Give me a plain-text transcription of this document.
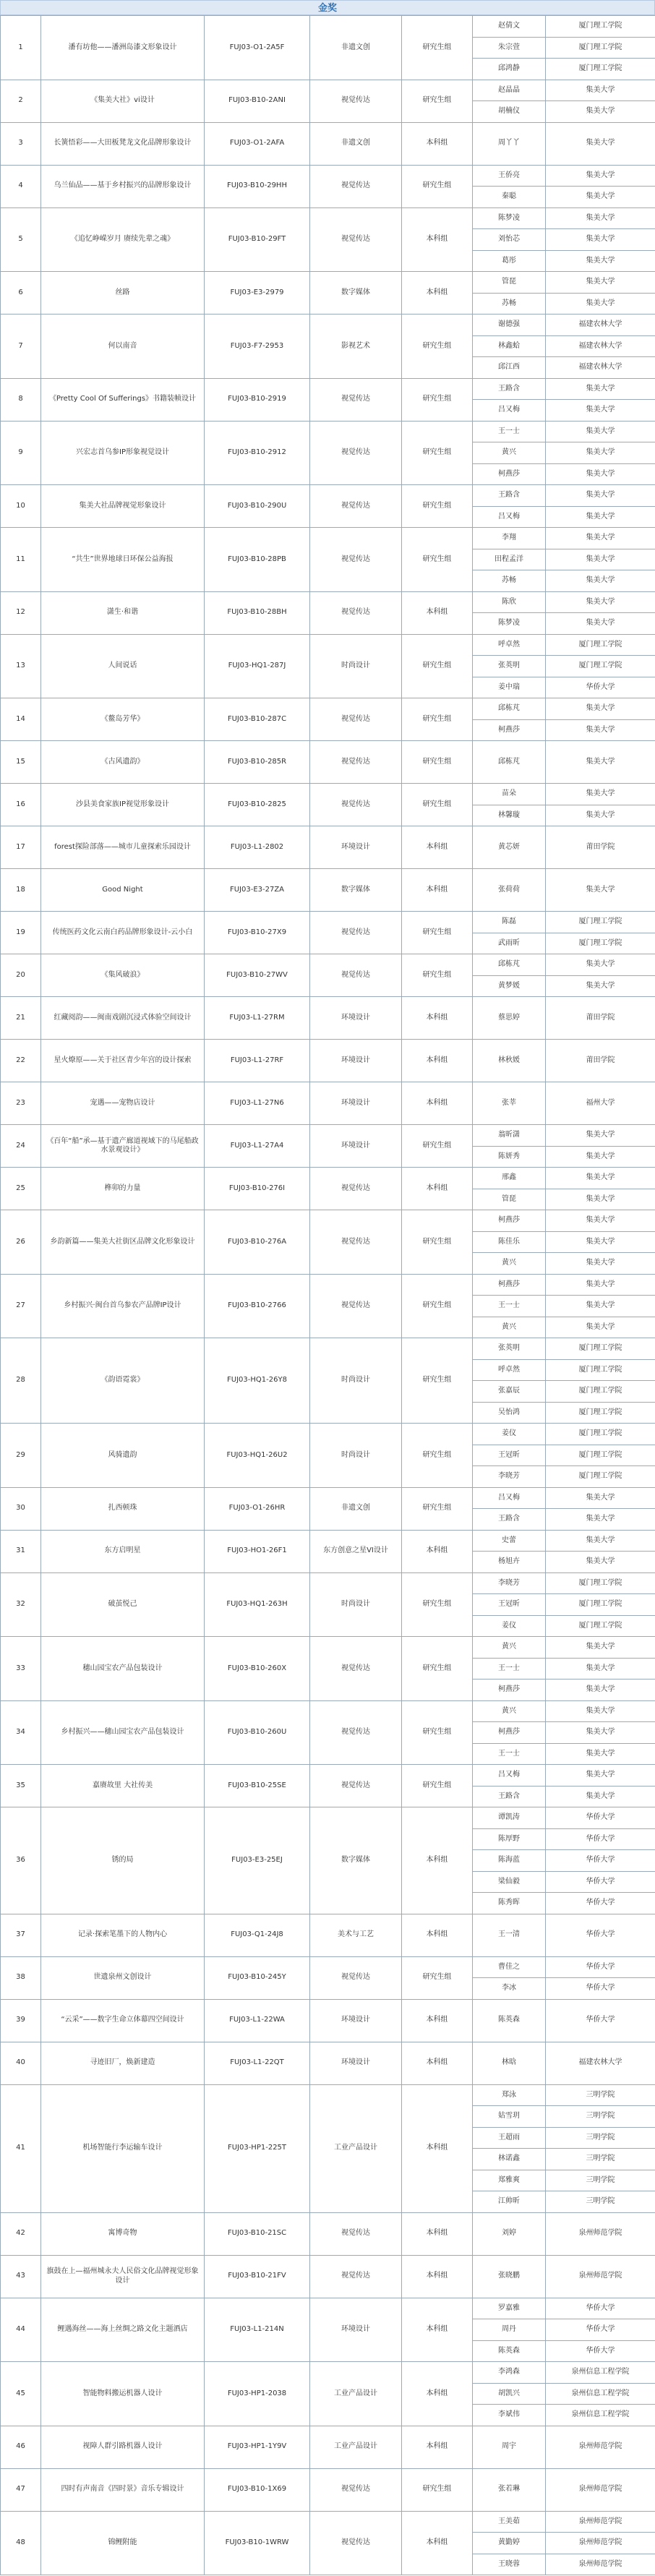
金奖
1	潘有坊他——潘洲岛漆文形象设计	FUJ03-O1-2A5F	非遗文创	研究生组	赵倩文	厦门理工学院
					朱宗萱	厦门理工学院
					邱鸿静	厦门理工学院
2	《集美大社》vi设计	FUJ03-B10-2ANI	视觉传达	研究生组	赵晶晶	集美大学
					胡楠仪	集美大学
3	长簧悟彩——大田板凳龙文化品牌形象设计	FUJ03-O1-2AFA	非遗文创	本科组	周丫丫	集美大学
4	乌兰仙品——基于乡村振兴的品牌形象设计	FUJ03-B10-29HH	视觉传达	研究生组	王侨亮	集美大学
					秦聪	集美大学
5	《追忆峥嵘岁月 赓续先辈之魂》	FUJ03-B10-29FT	视觉传达	本科组	陈梦凌	集美大学
					刘怡芯	集美大学
					葛彤	集美大学
6	丝路	FUJ03-E3-2979	数字媒体	本科组	管琵	集美大学
					苏畅	集美大学
7	何以南音	FUJ03-F7-2953	影视艺术	研究生组	谢德强	福建农林大学
					林鑫蛤	福建农林大学
					邱江西	福建农林大学
8	《Pretty Cool Of Sufferings》书籍装帧设计	FUJ03-B10-2919	视觉传达	研究生组	王路含	集美大学
					吕又梅	集美大学
9	兴宏志首乌参IP形象视觉设计	FUJ03-B10-2912	视觉传达	研究生组	王一士	集美大学
					黄兴	集美大学
					柯燕莎	集美大学
10	集美大社品牌视觉形象设计	FUJ03-B10-290U	视觉传达	研究生组	王路含	集美大学
					吕又梅	集美大学
11	“共生”世界地球日环保公益海报	FUJ03-B10-28PB	视觉传达	研究生组	李翔	集美大学
					田程孟洋	集美大学
					苏畅	集美大学
12	潇生·和谐	FUJ03-B10-28BH	视觉传达	本科组	陈欣	集美大学
					陈梦凌	集美大学
13	人间说话	FUJ03-HQ1-287J	时尚设计	研究生组	呼卓然	厦门理工学院
					张英明	厦门理工学院
					姜中瑞	华侨大学
14	《鳌岛芳华》	FUJ03-B10-287C	视觉传达	研究生组	邱栋芃	集美大学
					柯燕莎	集美大学
15	《古风遗韵》	FUJ03-B10-285R	视觉传达	研究生组	邱栋芃	集美大学
16	沙县美食家族IP视觉形象设计	FUJ03-B10-2825	视觉传达	研究生组	苗朵	集美大学
					林馨璇	集美大学
17	forest探险部落——城市儿童探索乐园设计	FUJ03-L1-2802	环境设计	本科组	黄芯妍	莆田学院
18	Good Night	FUJ03-E3-27ZA	数字媒体	本科组	张荷荷	集美大学
19	传统医药文化云南白药品牌形象设计-云小白	FUJ03-B10-27X9	视觉传达	研究生组	陈磊	厦门理工学院
					武雨昕	厦门理工学院
20	《集风破浪》	FUJ03-B10-27WV	视觉传达	研究生组	邱栋芃	集美大学
					黄梦媛	集美大学
21	红藏阅韵——闽南戏剧沉浸式体验空间设计	FUJ03-L1-27RM	环境设计	本科组	蔡思婷	莆田学院
22	星火燎原——关于社区青少年宫的设计探索	FUJ03-L1-27RF	环境设计	本科组	林秋媛	莆田学院
23	宠遇——宠物店设计	FUJ03-L1-27N6	环境设计	本科组	张莘	福州大学
24	《百年“船”承—基于遗产廊道视域下的马尾船政水景观设计》	FUJ03-L1-27A4	环境设计	研究生组	翁昕潇	集美大学
					陈妍秀	集美大学
25	榫卯的力量	FUJ03-B10-276I	视觉传达	本科组	邢鑫	集美大学
					管琵	集美大学
26	乡韵新篇——集美大社街区品牌文化形象设计	FUJ03-B10-276A	视觉传达	研究生组	柯燕莎	集美大学
					陈佳乐	集美大学
					黄兴	集美大学
27	乡村振兴·闽台首乌参农产品牌IP设计	FUJ03-B10-2766	视觉传达	研究生组	柯燕莎	集美大学
					王一士	集美大学
					黄兴	集美大学
28	《韵语霓裳》	FUJ03-HQ1-26Y8	时尚设计	研究生组	张英明	厦门理工学院
					呼卓然	厦门理工学院
					张嘉辰	厦门理工学院
					吴怡鸿	厦门理工学院
29	风骑遗韵	FUJ03-HQ1-26U2	时尚设计	研究生组	姜仪	厦门理工学院
					王冠昕	厦门理工学院
					李晓芳	厦门理工学院
30	扎西顿珠	FUJ03-O1-26HR	非遗文创	研究生组	吕又梅	集美大学
					王路含	集美大学
31	东方启明星	FUJ03-HO1-26F1	东方创意之星VI设计	本科组	史蕾	集美大学
					杨旭卉	集美大学
32	破茧悦己	FUJ03-HQ1-263H	时尚设计	研究生组	李晓芳	厦门理工学院
					王冠昕	厦门理工学院
					姜仪	厦门理工学院
33	穗山园宝农产品包装设计	FUJ03-B10-260X	视觉传达	研究生组	黄兴	集美大学
					王一士	集美大学
					柯燕莎	集美大学
34	乡村振兴——穗山园宝农产品包装设计	FUJ03-B10-260U	视觉传达	研究生组	黄兴	集美大学
					柯燕莎	集美大学
					王一士	集美大学
35	嘉赓故里 大社传美	FUJ03-B10-25SE	视觉传达	研究生组	吕又梅	集美大学
					王路含	集美大学
36	锈的局	FUJ03-E3-25EJ	数字媒体	本科组	谭凯涛	华侨大学
					陈厚野	华侨大学
					陈海蓝	华侨大学
					梁仙毅	华侨大学
					陈秀晖	华侨大学
37	记录·探索笔墨下的人物内心	FUJ03-Q1-24J8	美术与工艺	本科组	王一清	华侨大学
38	世遗泉州文创设计	FUJ03-B10-245Y	视觉传达	研究生组	曹佳之	华侨大学
					李冰	华侨大学
39	“云采”——数字生命立体幕四空间设计	FUJ03-L1-22WA	环境设计	本科组	陈英森	华侨大学
40	寻迹旧厂，焕新建造	FUJ03-L1-22QT	环境设计	本科组	林晗	福建农林大学
41	机场智能行李运输车设计	FUJ03-HP1-225T	工业产品设计	本科组	郑泳	三明学院
					姑雪玥	三明学院
					王超雨	三明学院
					林诺鑫	三明学院
					郑雅爽	三明学院
					江帅昕	三明学院
42	寓博奇物	FUJ03-B10-21SC	视觉传达	本科组	刘婷	泉州师范学院
43	旗鼓在上—福州城永夫人民俗文化品牌视觉形象设计	FUJ03-B10-21FV	视觉传达	本科组	张晓鹏	泉州师范学院
44	鲤遇海丝——海上丝绸之路文化主题酒店	FUJ03-L1-214N	环境设计	本科组	罗嘉雅	华侨大学
					周丹	华侨大学
					陈英森	华侨大学
45	智能物料搬运机器人设计	FUJ03-HP1-2038	工业产品设计	本科组	李鸿森	泉州信息工程学院
					胡凯兴	泉州信息工程学院
					李斌伟	泉州信息工程学院
46	视障人群引路机器人设计	FUJ03-HP1-1Y9V	工业产品设计	本科组	周宇	泉州师范学院
47	四时有声南音《四时景》音乐专辑设计	FUJ03-B10-1X69	视觉传达	研究生组	张若琳	泉州师范学院
48	锦鲤附能	FUJ03-B10-1WRW	视觉传达	本科组	王美茹	泉州师范学院
					黄勤婷	泉州师范学院
					王晓蓉	泉州师范学院
